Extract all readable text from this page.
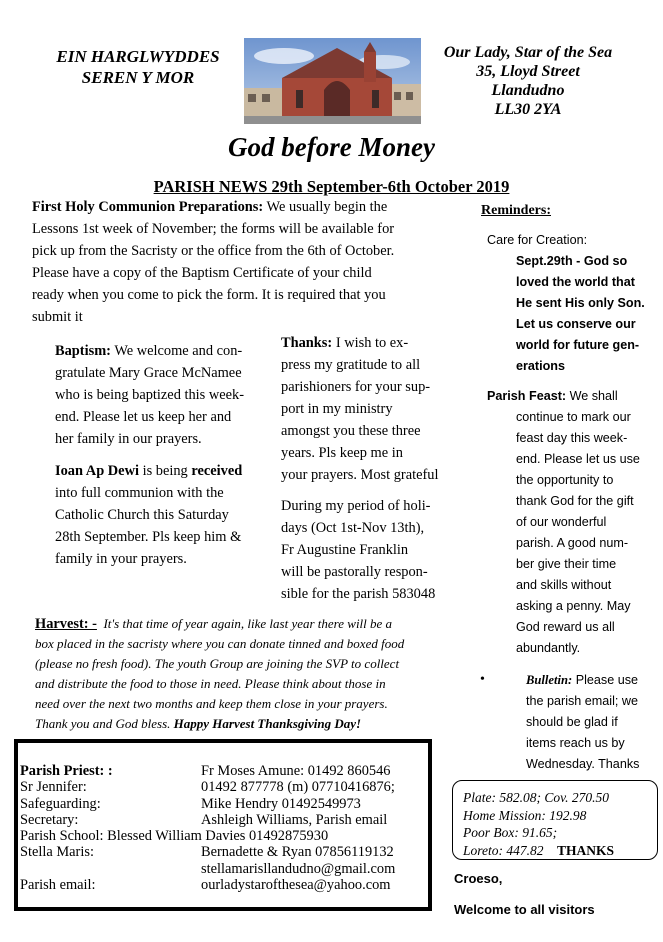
EIN HARGLWYDDES
SEREN Y MOR
Our Lady, Star of the Sea
35, Lloyd Street
Llandudno
LL30 2YA
God before Money
PARISH NEWS 29th September-6th October 2019
First Holy Communion Preparations: We usually begin the
Lessons 1st week of November; the forms will be available for
pick up from the Sacristy or the office from the 6th of October.
Please have a copy of the Baptism Certificate of your child
ready when you come to pick the form. It is required that you
submit it
Baptism: We welcome and con-
gratulate Mary Grace McNamee
who is being baptized this week-
end. Please let us keep her and
her family in our prayers.
Ioan Ap Dewi is being received
into full communion with the
Catholic Church this Saturday
28th September. Pls keep him &
family in your prayers.
Thanks: I wish to ex-
press my gratitude to all
parishioners for your sup-
port in my ministry
amongst you these three
years. Pls keep me in
your prayers. Most grateful
During my period of holi-
days (Oct 1st-Nov 13th),
Fr Augustine Franklin
will be pastorally respon-
sible for the parish 583048
Harvest: - It's that time of year again, like last year there will be a
box placed in the sacristy where you can donate tinned and boxed food
(please no fresh food). The youth Group are joining the SVP to collect
and distribute the food to those in need. Please think about those in
need over the next two months and keep them close in your prayers.
Thank you and God bless. Happy Harvest Thanksgiving Day!
Reminders:
Care for Creation:
Sept.29th - God so
loved the world that
He sent His only Son.
Let us conserve our
world for future gen-
erations
Parish Feast: We shall
continue to mark our
feast day this week-
end. Please let us use
the opportunity to
thank God for the gift
of our wonderful
parish. A good num-
ber give their time
and skills without
asking a penny. May
God reward us all
abundantly.
•	Bulletin: Please use
the parish email; we
should be glad if
items reach us by
Wednesday. Thanks
Parish Priest: :	Fr Moses Amune: 01492 860546
Sr Jennifer:	01492 877778 (m) 07710416876;
Safeguarding:	Mike Hendry 01492549973
Secretary:	Ashleigh Williams, Parish email
Parish School: Blessed William Davies 01492875930
Stella Maris:	Bernadette & Ryan 07856119132
stellamarisllandudno@gmail.com
Parish email:	ourladystaroftheseа@yahoo.com
Plate: 582.08; Cov. 270.50
Home Mission: 192.98
Poor Box: 91.65;
Loreto: 447.82 THANKS
Croeso,
Welcome to all visitors
